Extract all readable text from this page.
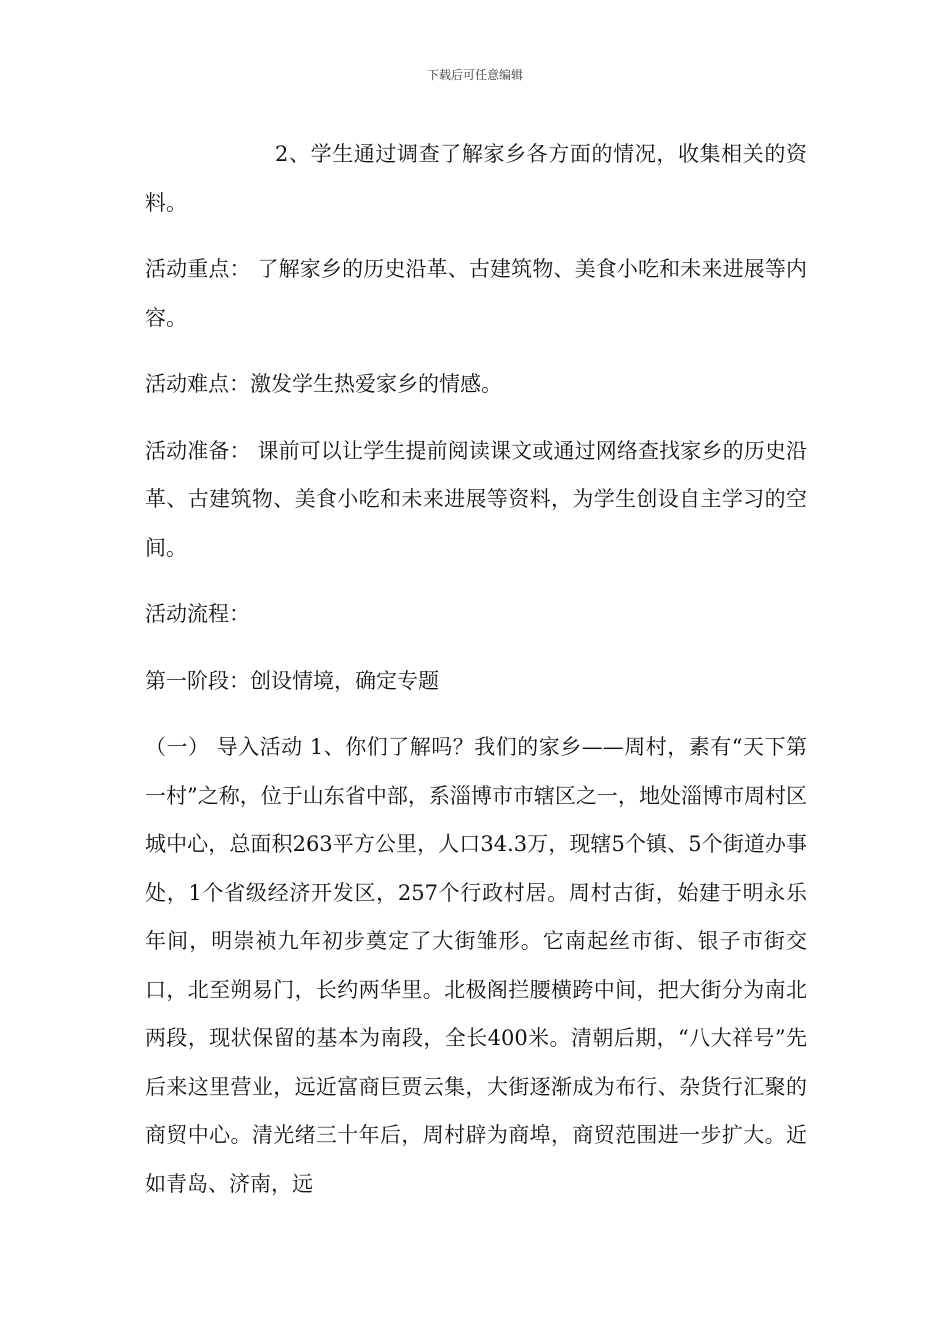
下载后可任意编辑

2、学生通过调查了解家乡各方面的情况，收集相关的资料。

活动重点： 了解家乡的历史沿革、古建筑物、美食小吃和未来进展等内容。

活动难点：激发学生热爱家乡的情感。

活动准备： 课前可以让学生提前阅读课文或通过网络查找家乡的历史沿革、古建筑物、美食小吃和未来进展等资料，为学生创设自主学习的空间。

活动流程：

第一阶段：创设情境，确定专题

（一） 导入活动 1、你们了解吗？我们的家乡——周村，素有“天下第一村”之称，位于山东省中部，系淄博市市辖区之一，地处淄博市周村区城中心，总面积263平方公里，人口34.3万，现辖5个镇、5个街道办事处，1个省级经济开发区，257个行政村居。周村古街，始建于明永乐年间，明崇祯九年初步奠定了大街雏形。它南起丝市街、银子市街交口，北至朔易门，长约两华里。北极阁拦腰横跨中间，把大街分为南北两段，现状保留的基本为南段，全长400米。清朝后期，“八大祥号”先后来这里营业，远近富商巨贾云集，大街逐渐成为布行、杂货行汇聚的商贸中心。清光绪三十年后，周村辟为商埠，商贸范围进一步扩大。近如青岛、济南，远
